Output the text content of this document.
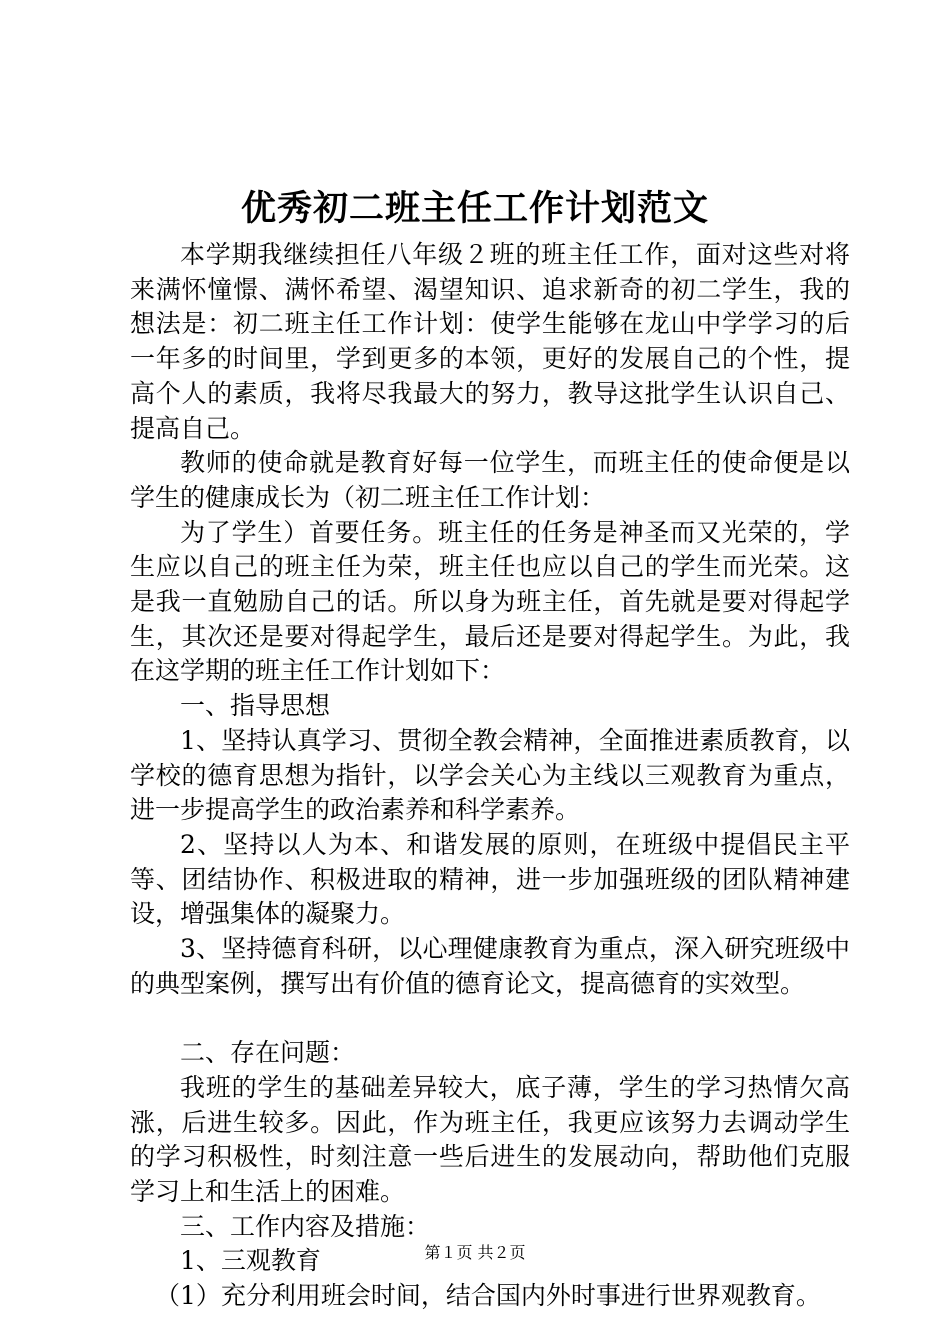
优秀初二班主任工作计划范文

本学期我继续担任八年级２班的班主任工作，面对这些对将来满怀憧憬、满怀希望、渴望知识、追求新奇的初二学生，我的想法是：初二班主任工作计划：使学生能够在龙山中学学习的后一年多的时间里，学到更多的本领，更好的发展自己的个性，提高个人的素质，我将尽我最大的努力，教导这批学生认识自己、提高自己。

教师的使命就是教育好每一位学生，而班主任的使命便是以学生的健康成长为（初二班主任工作计划：

为了学生）首要任务。班主任的任务是神圣而又光荣的，学生应以自己的班主任为荣，班主任也应以自己的学生而光荣。这是我一直勉励自己的话。所以身为班主任，首先就是要对得起学生，其次还是要对得起学生，最后还是要对得起学生。为此，我在这学期的班主任工作计划如下：

一、指导思想

1、坚持认真学习、贯彻全教会精神，全面推进素质教育，以学校的德育思想为指针，以学会关心为主线以三观教育为重点，进一步提高学生的政治素养和科学素养。

2、坚持以人为本、和谐发展的原则，在班级中提倡民主平等、团结协作、积极进取的精神，进一步加强班级的团队精神建设，增强集体的凝聚力。

3、坚持德育科研，以心理健康教育为重点，深入研究班级中的典型案例，撰写出有价值的德育论文，提高德育的实效型。

二、存在问题：

我班的学生的基础差异较大，底子薄，学生的学习热情欠高涨，后进生较多。因此，作为班主任，我更应该努力去调动学生的学习积极性，时刻注意一些后进生的发展动向，帮助他们克服学习上和生活上的困难。

三、工作内容及措施：

1、三观教育

（1）充分利用班会时间，结合国内外时事进行世界观教育。

第１页 共２页
